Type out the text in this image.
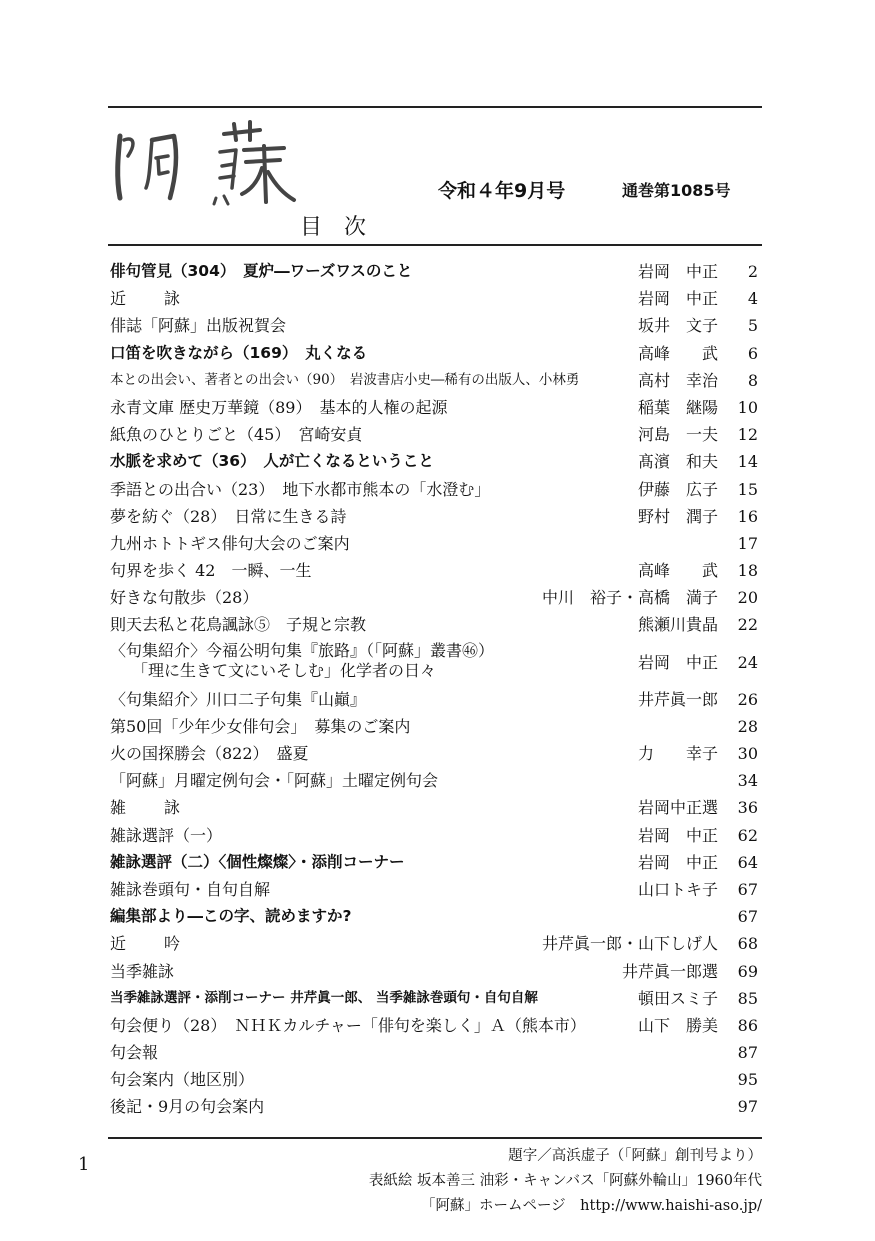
令和４年9月号	通巻第1085号
目次
俳句管見（304）　夏炉―ワーズワスのこと	岩岡　中正	2
近詠	岩岡　中正	4
俳誌「阿蘇」出版祝賀会	坂井　文子	5
口笛を吹きながら（169）　丸くなる	高峰　　武	6
本との出会い、著者との出会い（90）　岩波書店小史―稀有の出版人、小林勇	高村　幸治	8
永青文庫 歴史万華鏡（89）　基本的人権の起源	稲葉　継陽	10
紙魚のひとりごと（45）　宮崎安貞	河島　一夫	12
水脈を求めて（36）　人が亡くなるということ	髙濱　和夫	14
季語との出合い（23）　地下水都市熊本の「水澄む」	伊藤　広子	15
夢を紡ぐ（28）　日常に生きる詩	野村　潤子	16
九州ホトトギス俳句大会のご案内	17
句界を歩く 42　一瞬、一生	高峰　　武	18
好きな句散歩（28）	中川　裕子・高橋　満子	20
則天去私と花鳥諷詠⑤　子規と宗教	熊瀬川貴晶	22
〈句集紹介〉今福公明句集『旅路』（「阿蘇」叢書㊻）
「理に生きて文にいそしむ」化学者の日々	岩岡　中正	24
〈句集紹介〉川口二子句集『山巓』	井芹眞一郎	26
第50回「少年少女俳句会」　募集のご案内	28
火の国探勝会（822）　盛夏	力　　幸子	30
「阿蘇」月曜定例句会・「阿蘇」土曜定例句会	34
雑詠	岩岡中正選	36
雑詠選評（一）	岩岡　中正	62
雑詠選評（二）〈個性燦燦〉・添削コーナー	岩岡　中正	64
雑詠巻頭句・自句自解	山口トキ子	67
編集部より―この字、読めますか?	67
近吟	井芹眞一郎・山下しげ人	68
当季雑詠	井芹眞一郎選	69
当季雑詠選評・添削コーナー 井芹眞一郎、 当季雑詠巻頭句・自句自解	頓田スミ子	85
句会便り（28）　ＮＨＫカルチャー「俳句を楽しく」Ａ（熊本市）	山下　勝美	86
句会報	87
句会案内（地区別）	95
後記・9月の句会案内	97
1	題字／高浜虚子（「阿蘇」創刊号より）
表紙絵 坂本善三 油彩・キャンバス「阿蘇外輪山」1960年代
「阿蘇」ホームページ　http://www.haishi-aso.jp/
